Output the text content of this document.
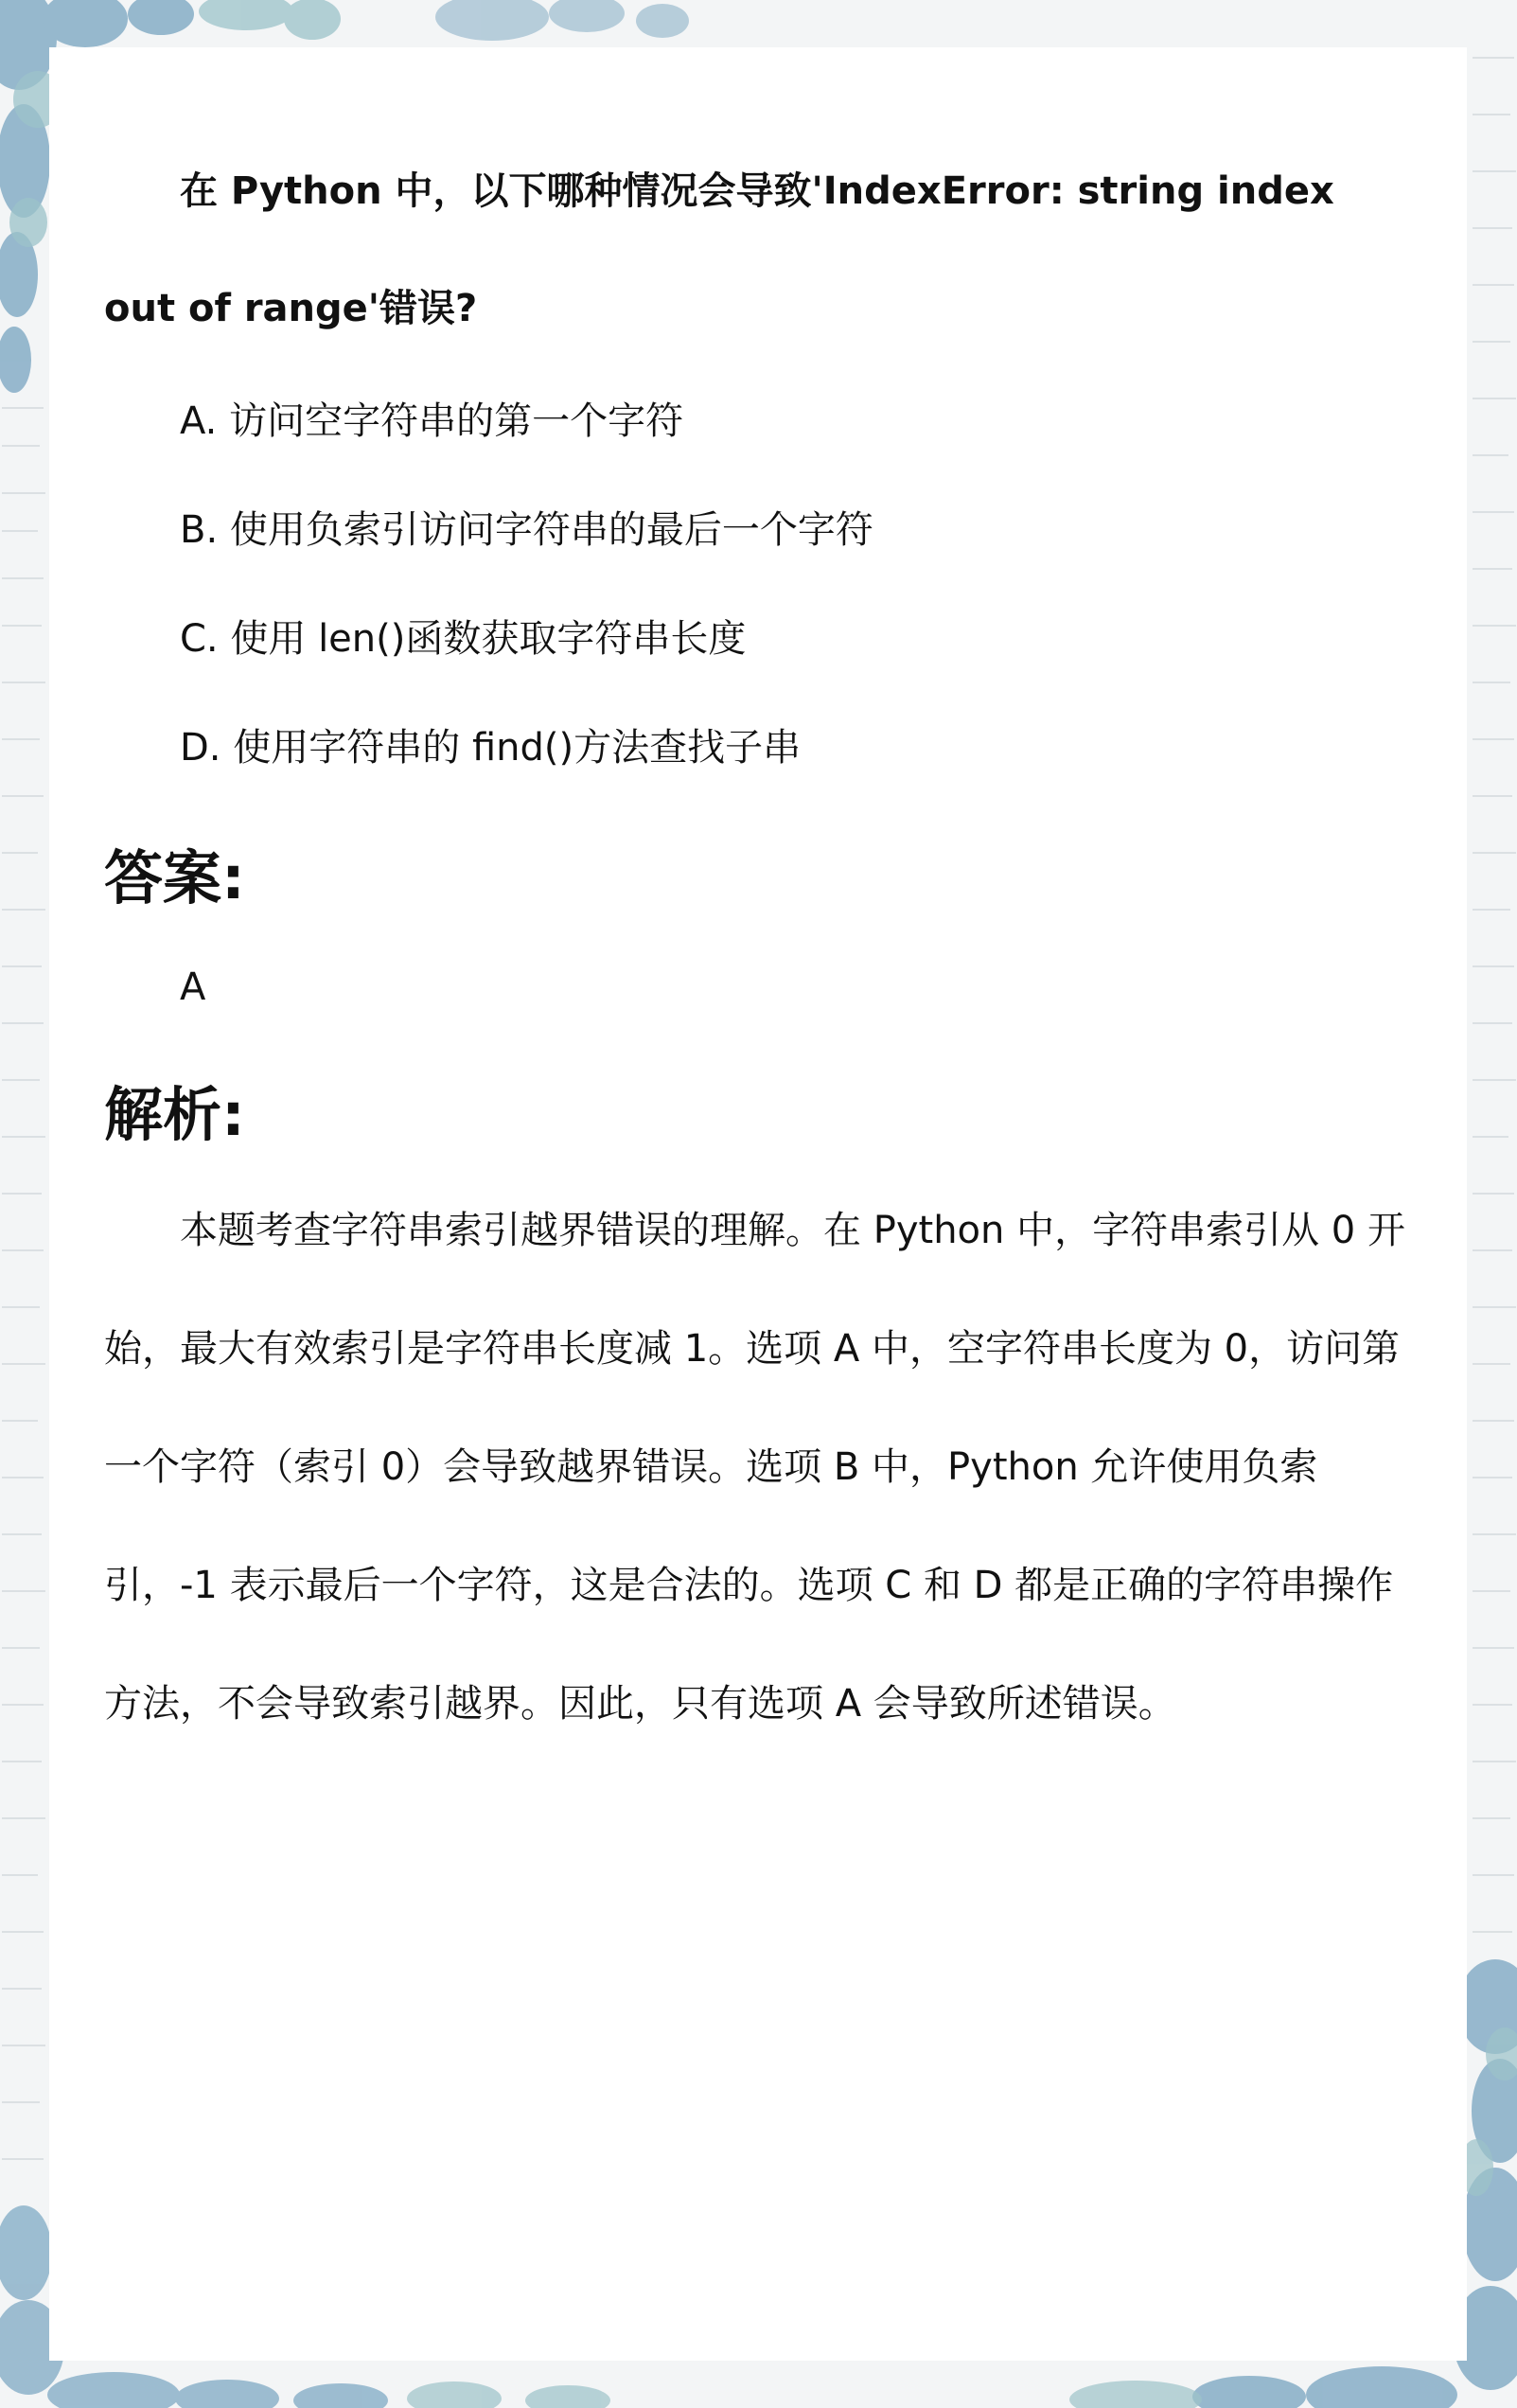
在 Python 中，以下哪种情况会导致'IndexError: string index out of range'错误?

A. 访问空字符串的第一个字符
B. 使用负索引访问字符串的最后一个字符
C. 使用 len()函数获取字符串长度
D. 使用字符串的 find()方法查找子串
答案:
A
解析:

本题考查字符串索引越界错误的理解。在 Python 中，字符串索引从 0 开始，最大有效索引是字符串长度减 1。选项 A 中，空字符串长度为 0，访问第一个字符（索引 0）会导致越界错误。选项 B 中，Python 允许使用负索引，-1 表示最后一个字符，这是合法的。选项 C 和 D 都是正确的字符串操作方法，不会导致索引越界。因此，只有选项 A 会导致所述错误。
